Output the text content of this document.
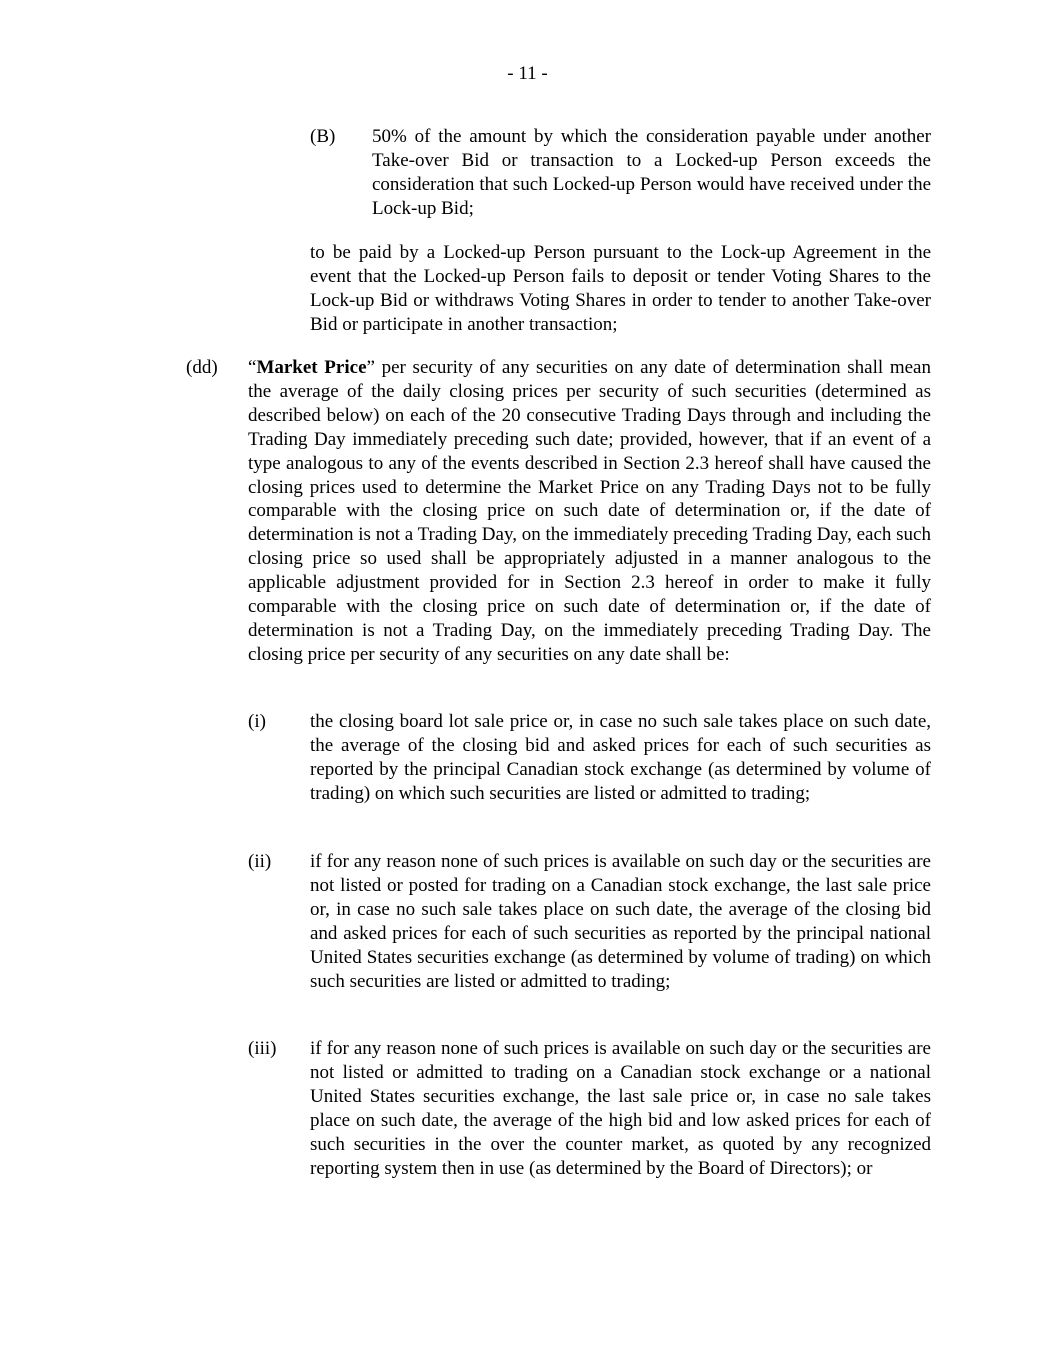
- 11 -
(B) 50% of the amount by which the consideration payable under another Take-over Bid or transaction to a Locked-up Person exceeds the consideration that such Locked-up Person would have received under the Lock-up Bid;

to be paid by a Locked-up Person pursuant to the Lock-up Agreement in the event that the Locked-up Person fails to deposit or tender Voting Shares to the Lock-up Bid or withdraws Voting Shares in order to tender to another Take-over Bid or participate in another transaction;

(dd) “Market Price” per security of any securities on any date of determination shall mean the average of the daily closing prices per security of such securities (determined as described below) on each of the 20 consecutive Trading Days through and including the Trading Day immediately preceding such date; provided, however, that if an event of a type analogous to any of the events described in Section 2.3 hereof shall have caused the closing prices used to determine the Market Price on any Trading Days not to be fully comparable with the closing price on such date of determination or, if the date of determination is not a Trading Day, on the immediately preceding Trading Day, each such closing price so used shall be appropriately adjusted in a manner analogous to the applicable adjustment provided for in Section 2.3 hereof in order to make it fully comparable with the closing price on such date of determination or, if the date of determination is not a Trading Day, on the immediately preceding Trading Day. The closing price per security of any securities on any date shall be:

(i) the closing board lot sale price or, in case no such sale takes place on such date, the average of the closing bid and asked prices for each of such securities as reported by the principal Canadian stock exchange (as determined by volume of trading) on which such securities are listed or admitted to trading;

(ii) if for any reason none of such prices is available on such day or the securities are not listed or posted for trading on a Canadian stock exchange, the last sale price or, in case no such sale takes place on such date, the average of the closing bid and asked prices for each of such securities as reported by the principal national United States securities exchange (as determined by volume of trading) on which such securities are listed or admitted to trading;

(iii) if for any reason none of such prices is available on such day or the securities are not listed or admitted to trading on a Canadian stock exchange or a national United States securities exchange, the last sale price or, in case no sale takes place on such date, the average of the high bid and low asked prices for each of such securities in the over the counter market, as quoted by any recognized reporting system then in use (as determined by the Board of Directors); or
